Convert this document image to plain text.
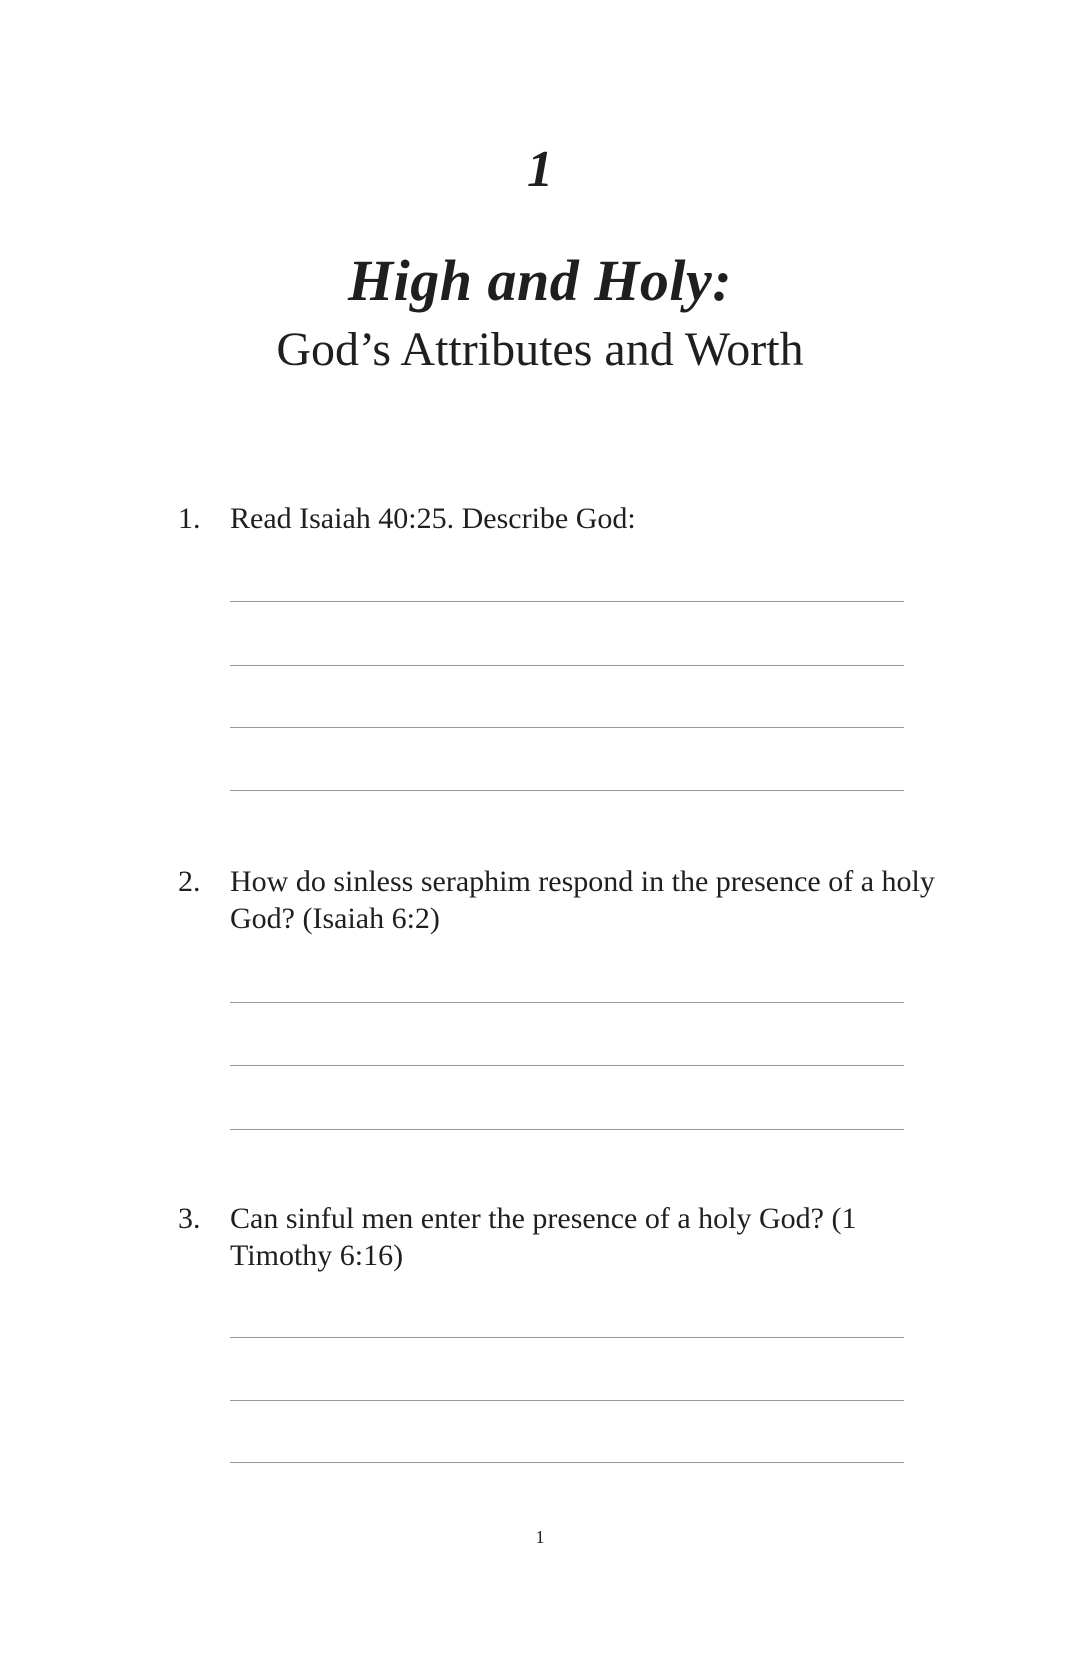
1
High and Holy:
God’s Attributes and Worth
1. Read Isaiah 40:25. Describe God:
2. How do sinless seraphim respond in the presence of a holy God? (Isaiah 6:2)
3. Can sinful men enter the presence of a holy God? (1 Timothy 6:16)
1
